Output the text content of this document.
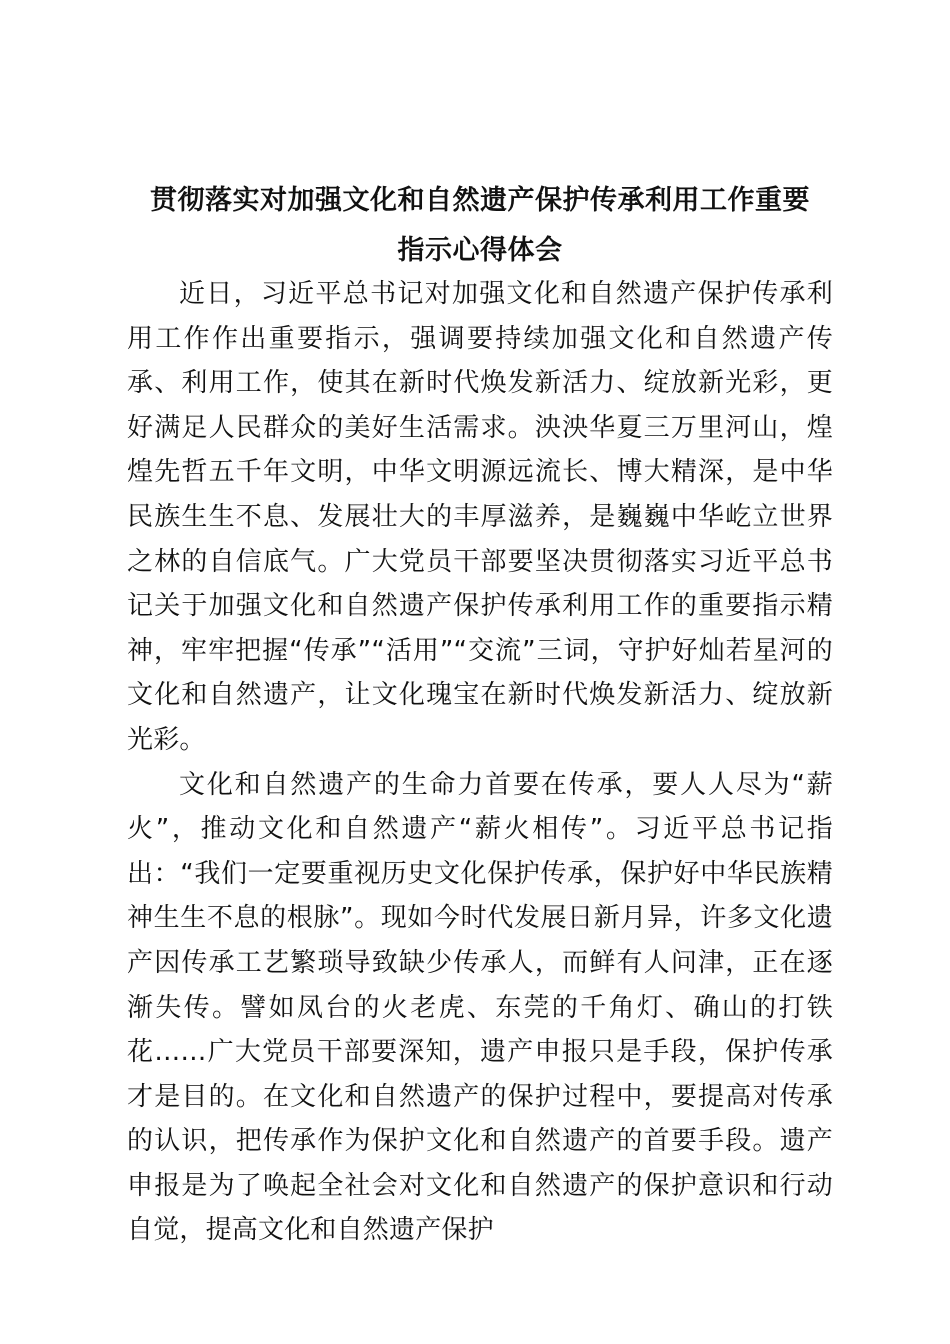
贯彻落实对加强文化和自然遗产保护传承利用工作重要
指示心得体会

近日，习近平总书记对加强文化和自然遗产保护传承利用工作作出重要指示，强调要持续加强文化和自然遗产传承、利用工作，使其在新时代焕发新活力、绽放新光彩，更好满足人民群众的美好生活需求。泱泱华夏三万里河山，煌煌先哲五千年文明，中华文明源远流长、博大精深，是中华民族生生不息、发展壮大的丰厚滋养，是巍巍中华屹立世界之林的自信底气。广大党员干部要坚决贯彻落实习近平总书记关于加强文化和自然遗产保护传承利用工作的重要指示精神，牢牢把握“传承”“活用”“交流”三词，守护好灿若星河的文化和自然遗产，让文化瑰宝在新时代焕发新活力、绽放新光彩。

文化和自然遗产的生命力首要在传承，要人人尽为“薪火”，推动文化和自然遗产“薪火相传”。习近平总书记指出：“我们一定要重视历史文化保护传承，保护好中华民族精神生生不息的根脉”。现如今时代发展日新月异，许多文化遗产因传承工艺繁琐导致缺少传承人，而鲜有人问津，正在逐渐失传。譬如凤台的火老虎、东莞的千角灯、确山的打铁花……广大党员干部要深知，遗产申报只是手段，保护传承才是目的。在文化和自然遗产的保护过程中，要提高对传承的认识，把传承作为保护文化和自然遗产的首要手段。遗产申报是为了唤起全社会对文化和自然遗产的保护意识和行动自觉，提高文化和自然遗产保护
